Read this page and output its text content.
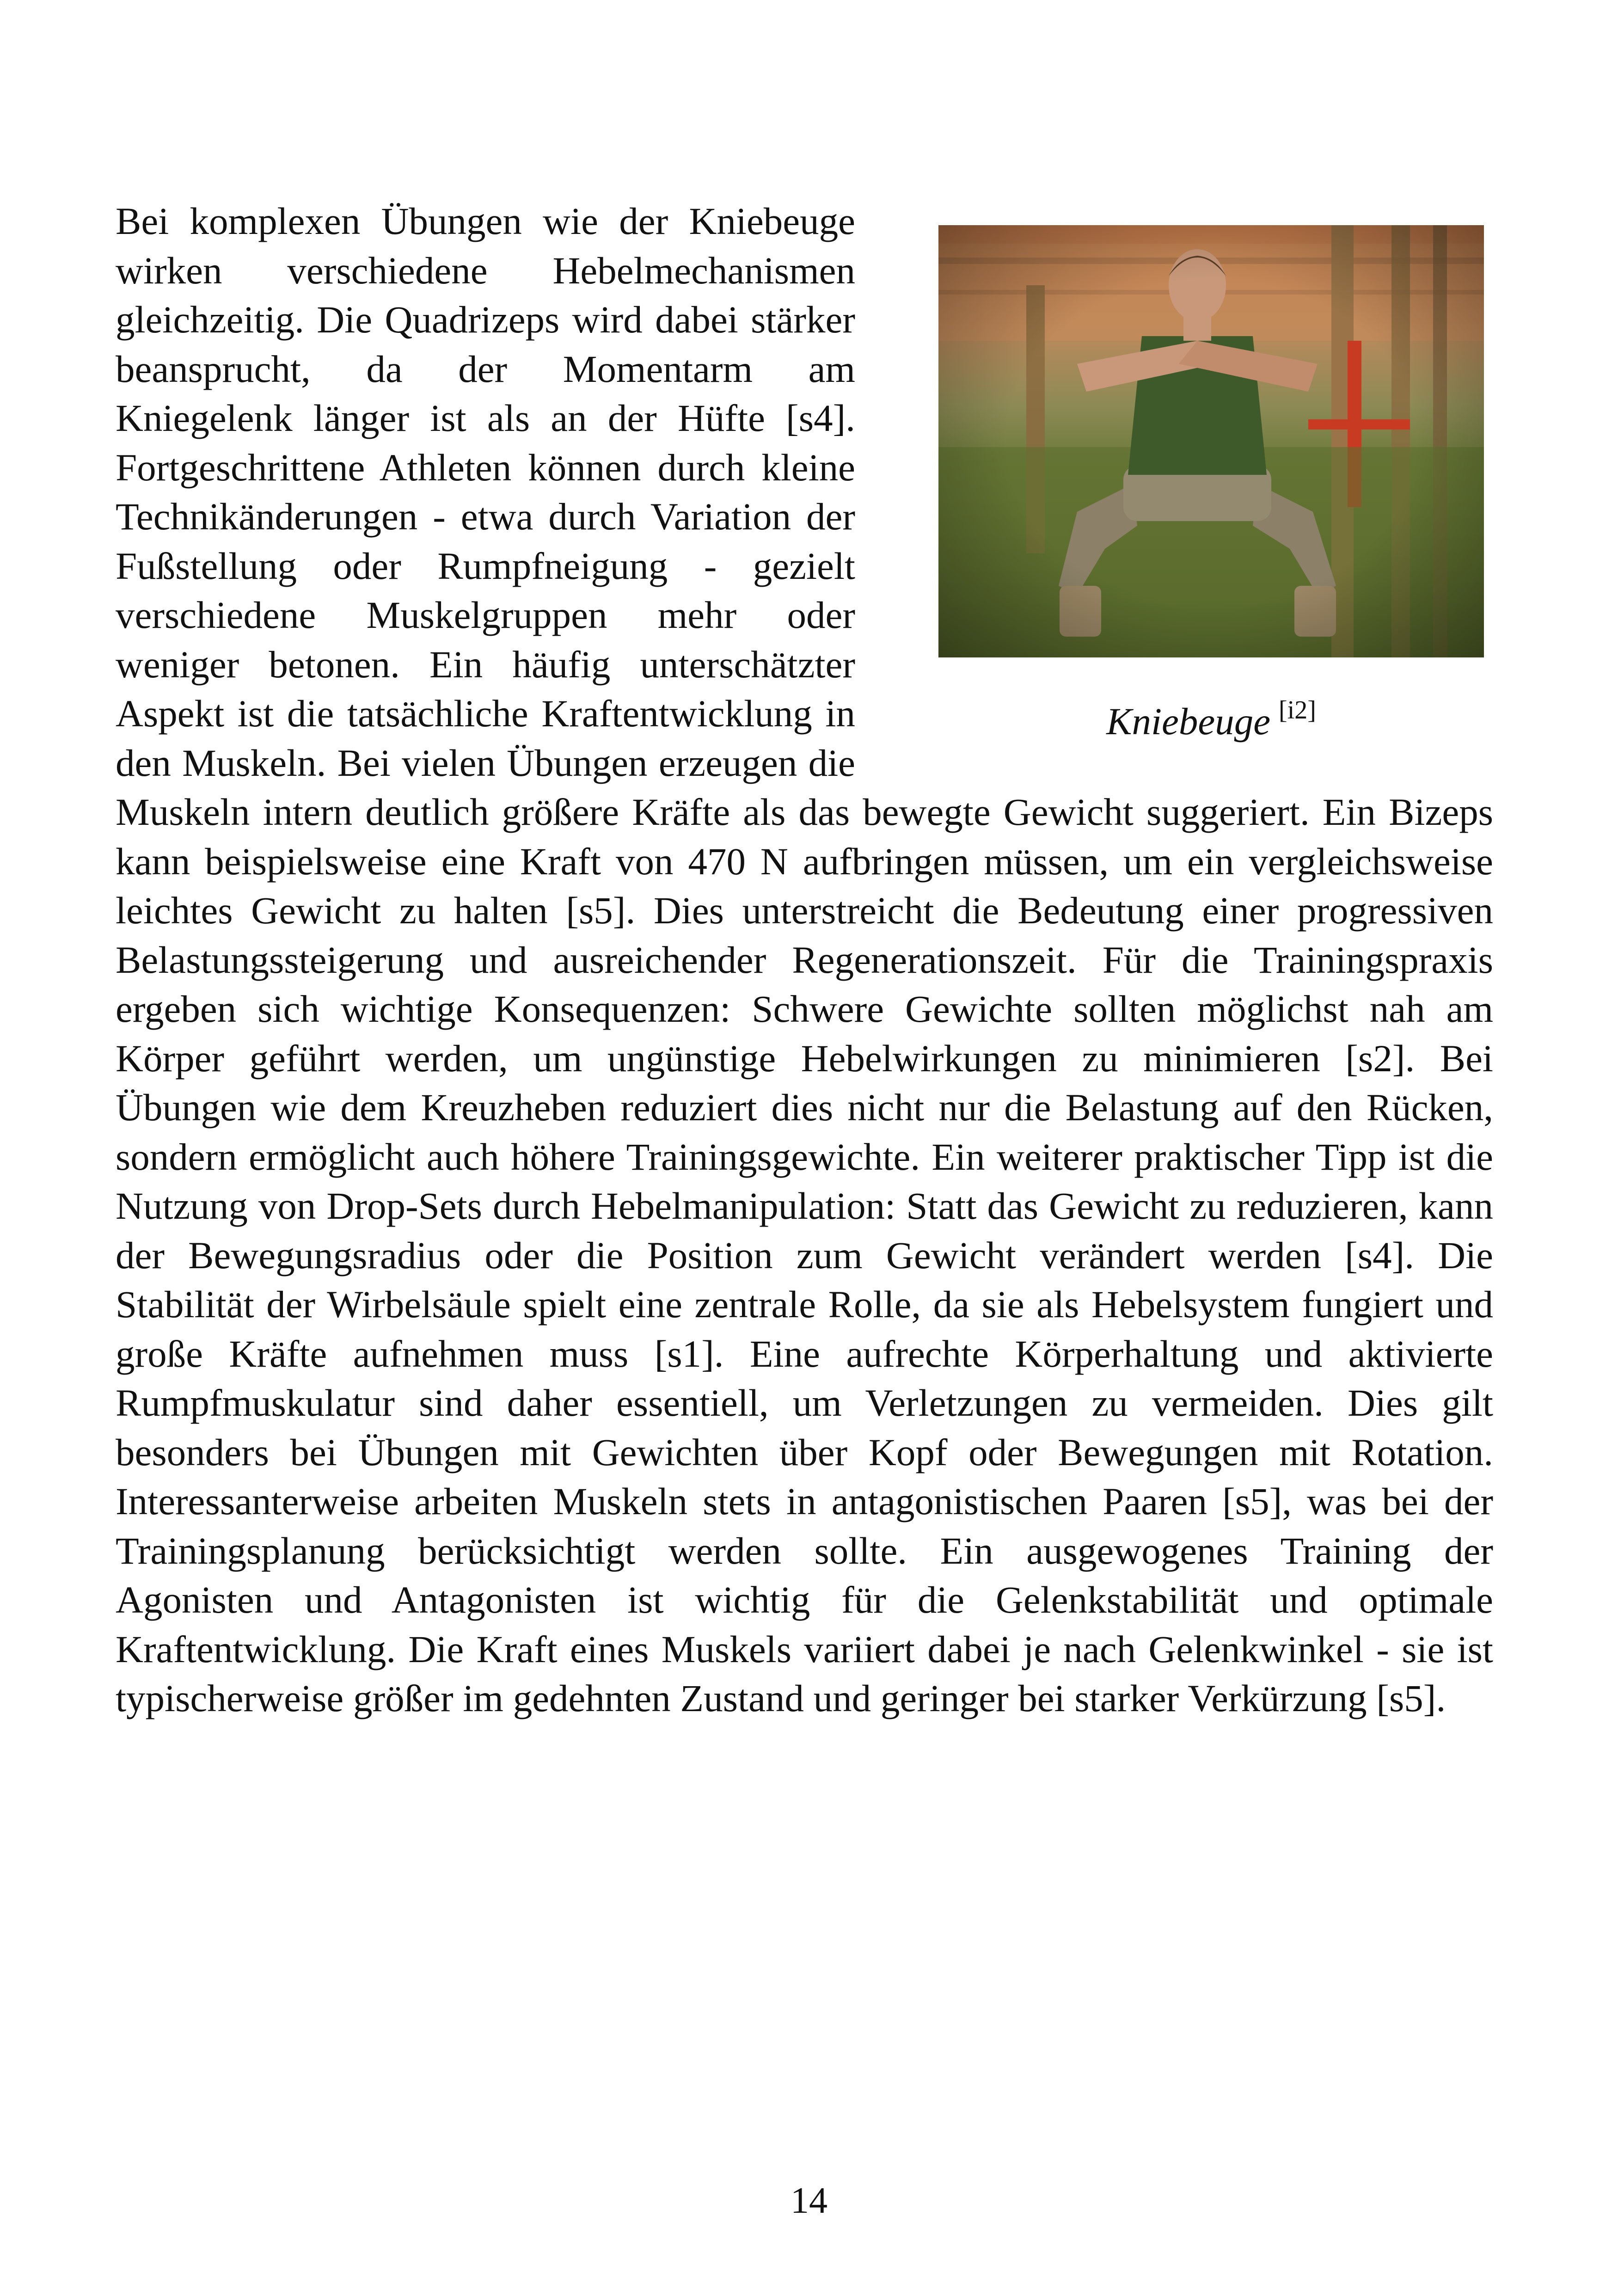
Kniebeuge [i2]
Bei komplexen Übungen wie der Kniebeuge wirken verschiedene Hebelmechanismen gleichzeitig. Die Quadrizeps wird dabei stärker beansprucht, da der Momentarm am Kniegelenk länger ist als an der Hüfte [s4]. Fortgeschrittene Athleten können durch kleine Technikänderungen - etwa durch Variation der Fußstellung oder Rumpfneigung - gezielt verschiedene Muskelgruppen mehr oder weniger betonen. Ein häufig unterschätzter Aspekt ist die tatsächliche Kraftentwicklung in den Muskeln. Bei vielen Übungen erzeugen die Muskeln intern deutlich größere Kräfte als das bewegte Gewicht suggeriert. Ein Bizeps kann beispielsweise eine Kraft von 470 N aufbringen müssen, um ein vergleichsweise leichtes Gewicht zu halten [s5]. Dies unterstreicht die Bedeutung einer progressiven Belastungssteigerung und ausreichender Regenerationszeit. Für die Trainingspraxis ergeben sich wichtige Konsequenzen: Schwere Gewichte sollten möglichst nah am Körper geführt werden, um ungünstige Hebelwirkungen zu minimieren [s2]. Bei Übungen wie dem Kreuzheben reduziert dies nicht nur die Belastung auf den Rücken, sondern ermöglicht auch höhere Trainingsgewichte. Ein weiterer praktischer Tipp ist die Nutzung von Drop-Sets durch Hebelmanipulation: Statt das Gewicht zu reduzieren, kann der Bewegungsradius oder die Position zum Gewicht verändert werden [s4]. Die Stabilität der Wirbelsäule spielt eine zentrale Rolle, da sie als Hebelsystem fungiert und große Kräfte aufnehmen muss [s1]. Eine aufrechte Körperhaltung und aktivierte Rumpfmuskulatur sind daher essentiell, um Verletzungen zu vermeiden. Dies gilt besonders bei Übungen mit Gewichten über Kopf oder Bewegungen mit Rotation. Interessanterweise arbeiten Muskeln stets in antagonistischen Paaren [s5], was bei der Trainingsplanung berücksichtigt werden sollte. Ein ausgewogenes Training der Agonisten und Antagonisten ist wichtig für die Gelenkstabilität und optimale Kraftentwicklung. Die Kraft eines Muskels variiert dabei je nach Gelenkwinkel - sie ist typischerweise größer im gedehnten Zustand und geringer bei starker Verkürzung [s5].
14
